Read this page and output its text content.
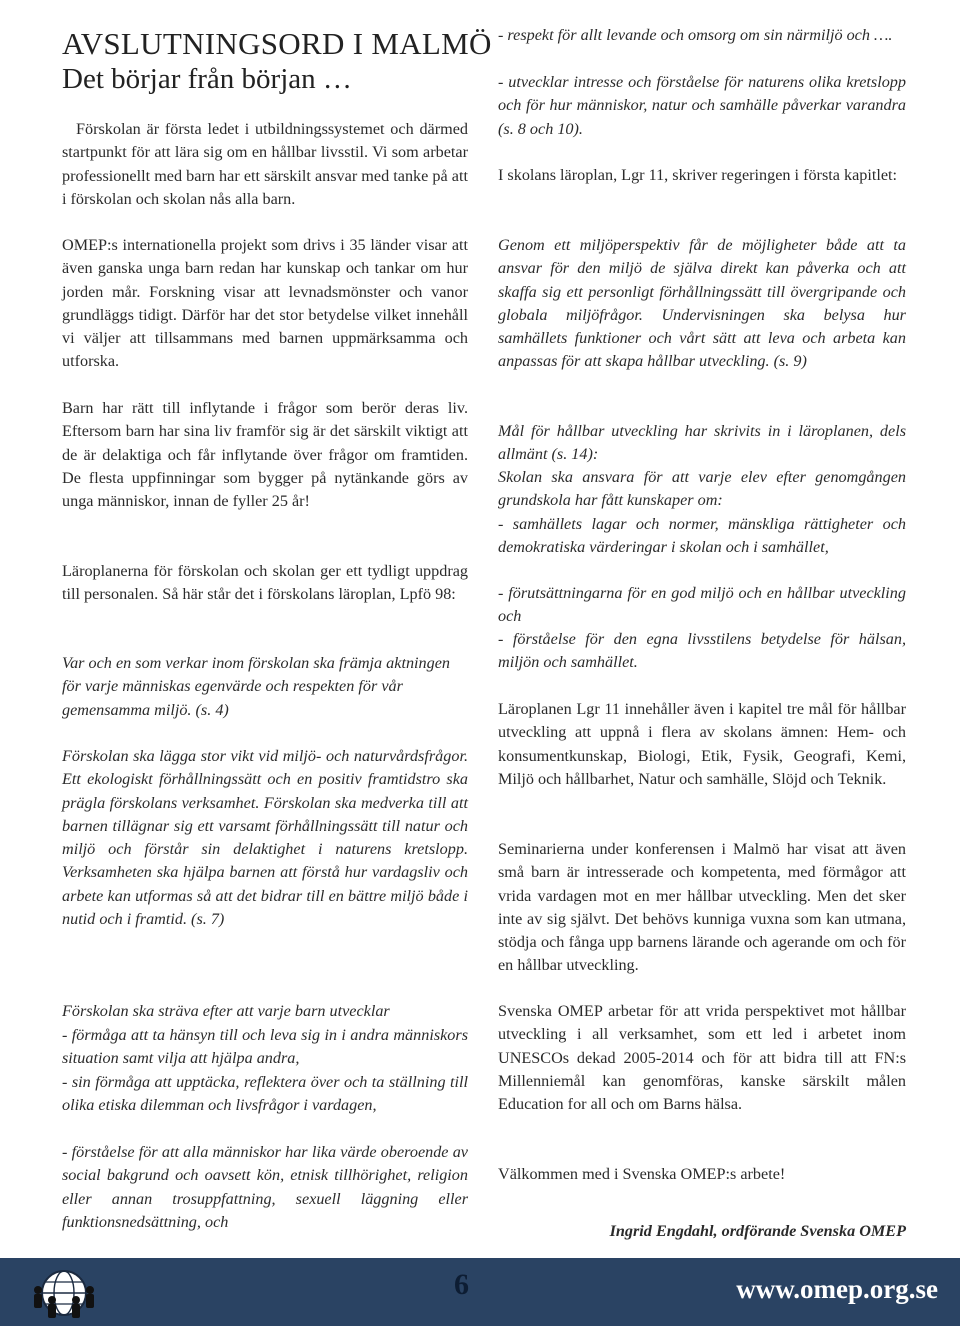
AVSLUTNINGSORD I MALMÖ
Det börjar från början …

Förskolan är första ledet i utbildningssystemet och därmed startpunkt för att lära sig om en hållbar livsstil. Vi som arbetar professionellt med barn har ett särskilt ansvar med tanke på att i förskolan och skolan nås alla barn.

OMEP:s internationella projekt som drivs i 35 länder visar att även ganska unga barn redan har kunskap och tankar om hur jorden mår. Forskning visar att levnadsmönster och vanor grundläggs tidigt. Därför har det stor betydelse vilket innehåll vi väljer att tillsammans med barnen uppmärksamma och utforska.

Barn har rätt till inflytande i frågor som berör deras liv. Eftersom barn har sina liv framför sig är det särskilt viktigt att de är delaktiga och får inflytande över frågor om framtiden. De flesta uppfinningar som bygger på nytänkande görs av unga människor, innan de fyller 25 år!

Läroplanerna för förskolan och skolan ger ett tydligt uppdrag till personalen. Så här står det i förskolans läroplan, Lpfö 98:

Var och en som verkar inom förskolan ska främja aktningen för varje människas egenvärde och respekten för vår gemensamma miljö. (s. 4)

Förskolan ska lägga stor vikt vid miljö- och naturvårdsfrågor. Ett ekologiskt förhållningssätt och en positiv framtidstro ska prägla förskolans verksamhet. Förskolan ska medverka till att barnen tillägnar sig ett varsamt förhållningssätt till natur och miljö och förstår sin delaktighet i naturens kretslopp. Verksamheten ska hjälpa barnen att förstå hur vardagsliv och arbete kan utformas så att det bidrar till en bättre miljö både i nutid och i framtid. (s. 7)

Förskolan ska sträva efter att varje barn utvecklar

- förmåga att ta hänsyn till och leva sig in i andra människors situation samt vilja att hjälpa andra,

- sin förmåga att upptäcka, reflektera över och ta ställning till olika etiska dilemman och livsfrågor i vardagen,

- förståelse för att alla människor har lika värde oberoende av social bakgrund och oavsett kön, etnisk tillhörighet, religion eller annan trosuppfattning, sexuell läggning eller funktionsnedsättning, och

- respekt för allt levande och omsorg om sin närmiljö och ….

- utvecklar intresse och förståelse för naturens olika kretslopp och för hur människor, natur och samhälle påverkar varandra (s. 8 och 10).

I skolans läroplan, Lgr 11, skriver regeringen i första kapitlet:

Genom ett miljöperspektiv får de möjligheter både att ta ansvar för den miljö de själva direkt kan påverka och att skaffa sig ett personligt förhållningssätt till övergripande och globala miljöfrågor. Undervisningen ska belysa hur samhällets funktioner och vårt sätt att leva och arbeta kan anpassas för att skapa hållbar utveckling. (s. 9)

Mål för hållbar utveckling har skrivits in i läroplanen, dels allmänt (s. 14):

Skolan ska ansvara för att varje elev efter genomgången grundskola har fått kunskaper om:

- samhällets lagar och normer, mänskliga rättigheter och demokratiska värderingar i skolan och i samhället,

- förutsättningarna för en god miljö och en hållbar utveckling och

- förståelse för den egna livsstilens betydelse för hälsan, miljön och samhället.

Läroplanen Lgr 11 innehåller även i kapitel tre mål för hållbar utveckling att uppnå i flera av skolans ämnen: Hem- och konsumentkunskap, Biologi, Etik, Fysik, Geografi, Kemi, Miljö och hållbarhet, Natur och samhälle, Slöjd och Teknik.

Seminarierna under konferensen i Malmö har visat att även små barn är intresserade och kompetenta, med förmågor att vrida vardagen mot en mer hållbar utveckling. Men det sker inte av sig självt. Det behövs kunniga vuxna som kan utmana, stödja och fånga upp barnens lärande och agerande om och för en hållbar utveckling.

Svenska OMEP arbetar för att vrida perspektivet mot hållbar utveckling i all verksamhet, som ett led i arbetet inom UNESCOs dekad 2005-2014 och för att bidra till att FN:s Millenniemål kan genomföras, kanske särskilt målen Education for all och om Barns hälsa.

Välkommen med i Svenska OMEP:s arbete!

Ingrid Engdahl, ordförande Svenska OMEP

6	www.omep.org.se
